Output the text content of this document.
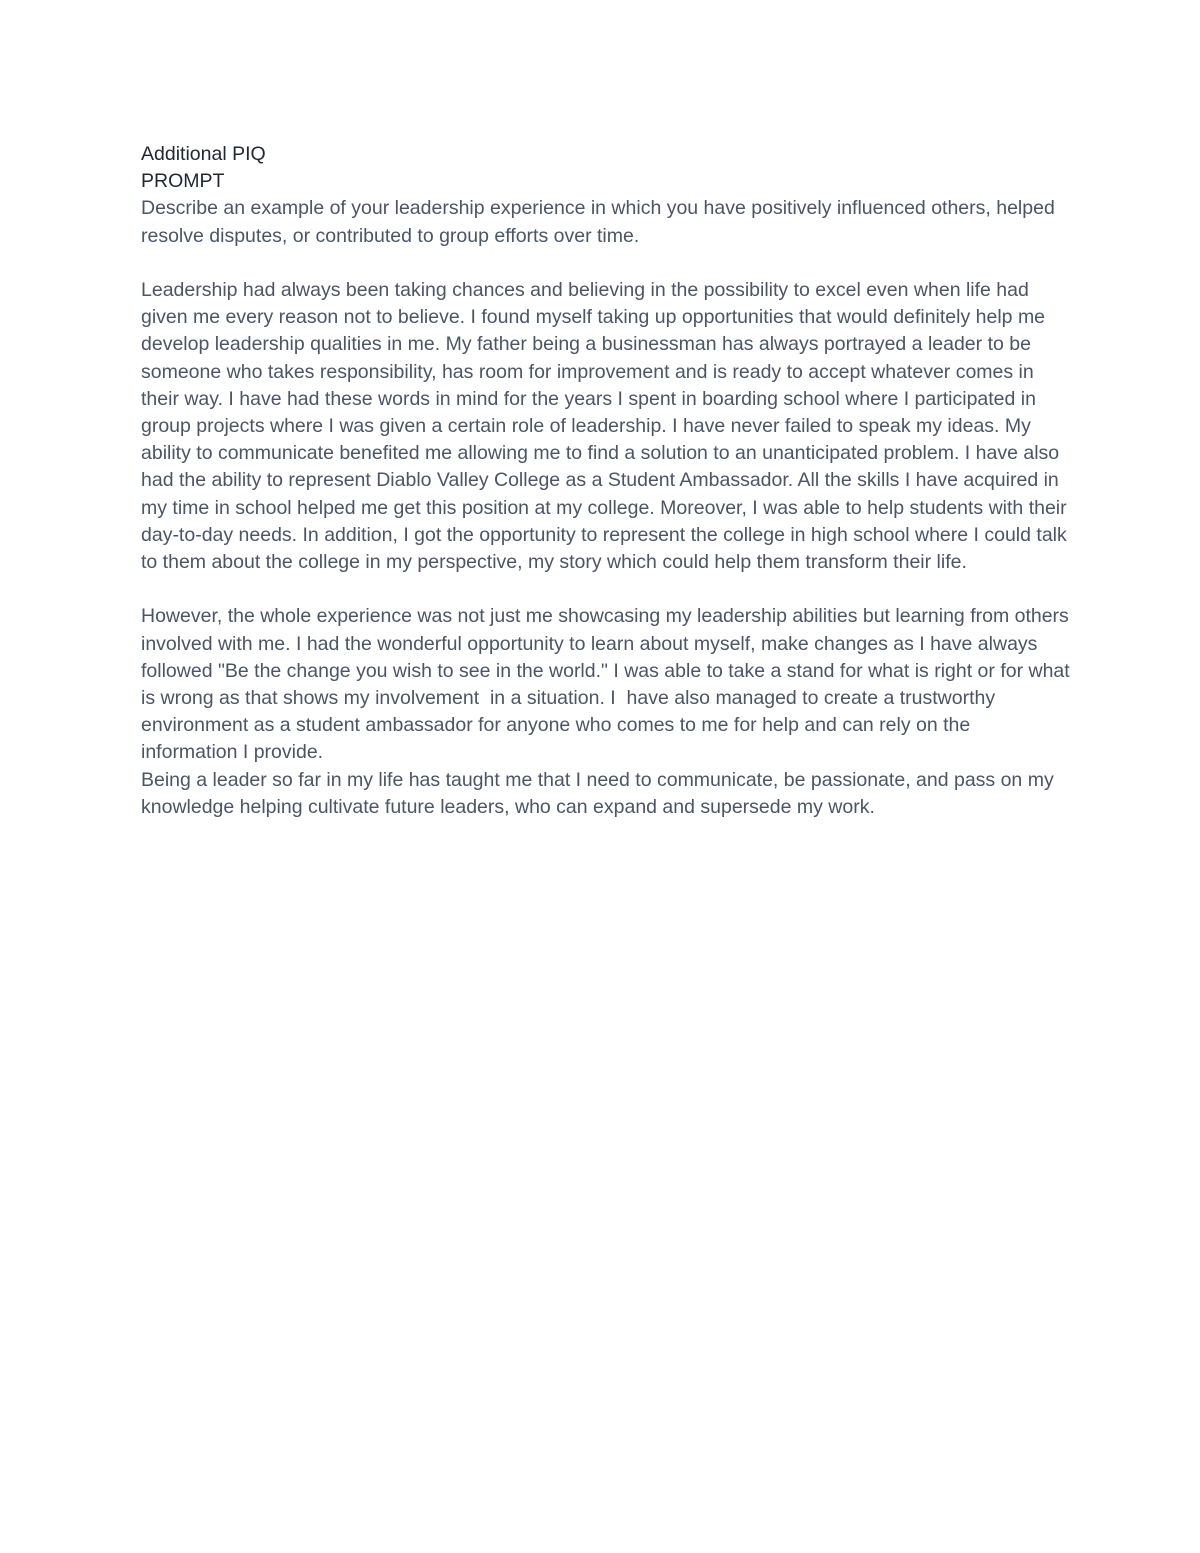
Additional PIQ

PROMPT

Describe an example of your leadership experience in which you have positively influenced others, helped resolve disputes, or contributed to group efforts over time.

Leadership had always been taking chances and believing in the possibility to excel even when life had given me every reason not to believe. I found myself taking up opportunities that would definitely help me develop leadership qualities in me. My father being a businessman has always portrayed a leader to be someone who takes responsibility, has room for improvement and is ready to accept whatever comes in their way. I have had these words in mind for the years I spent in boarding school where I participated in group projects where I was given a certain role of leadership. I have never failed to speak my ideas. My ability to communicate benefited me allowing me to find a solution to an unanticipated problem. I have also had the ability to represent Diablo Valley College as a Student Ambassador. All the skills I have acquired in my time in school helped me get this position at my college. Moreover, I was able to help students with their day-to-day needs. In addition, I got the opportunity to represent the college in high school where I could talk to them about the college in my perspective, my story which could help them transform their life.

However, the whole experience was not just me showcasing my leadership abilities but learning from others involved with me. I had the wonderful opportunity to learn about myself, make changes as I have always followed "Be the change you wish to see in the world." I was able to take a stand for what is right or for what is wrong as that shows my involvement  in a situation. I  have also managed to create a trustworthy environment as a student ambassador for anyone who comes to me for help and can rely on the information I provide.

Being a leader so far in my life has taught me that I need to communicate, be passionate, and pass on my knowledge helping cultivate future leaders, who can expand and supersede my work.
